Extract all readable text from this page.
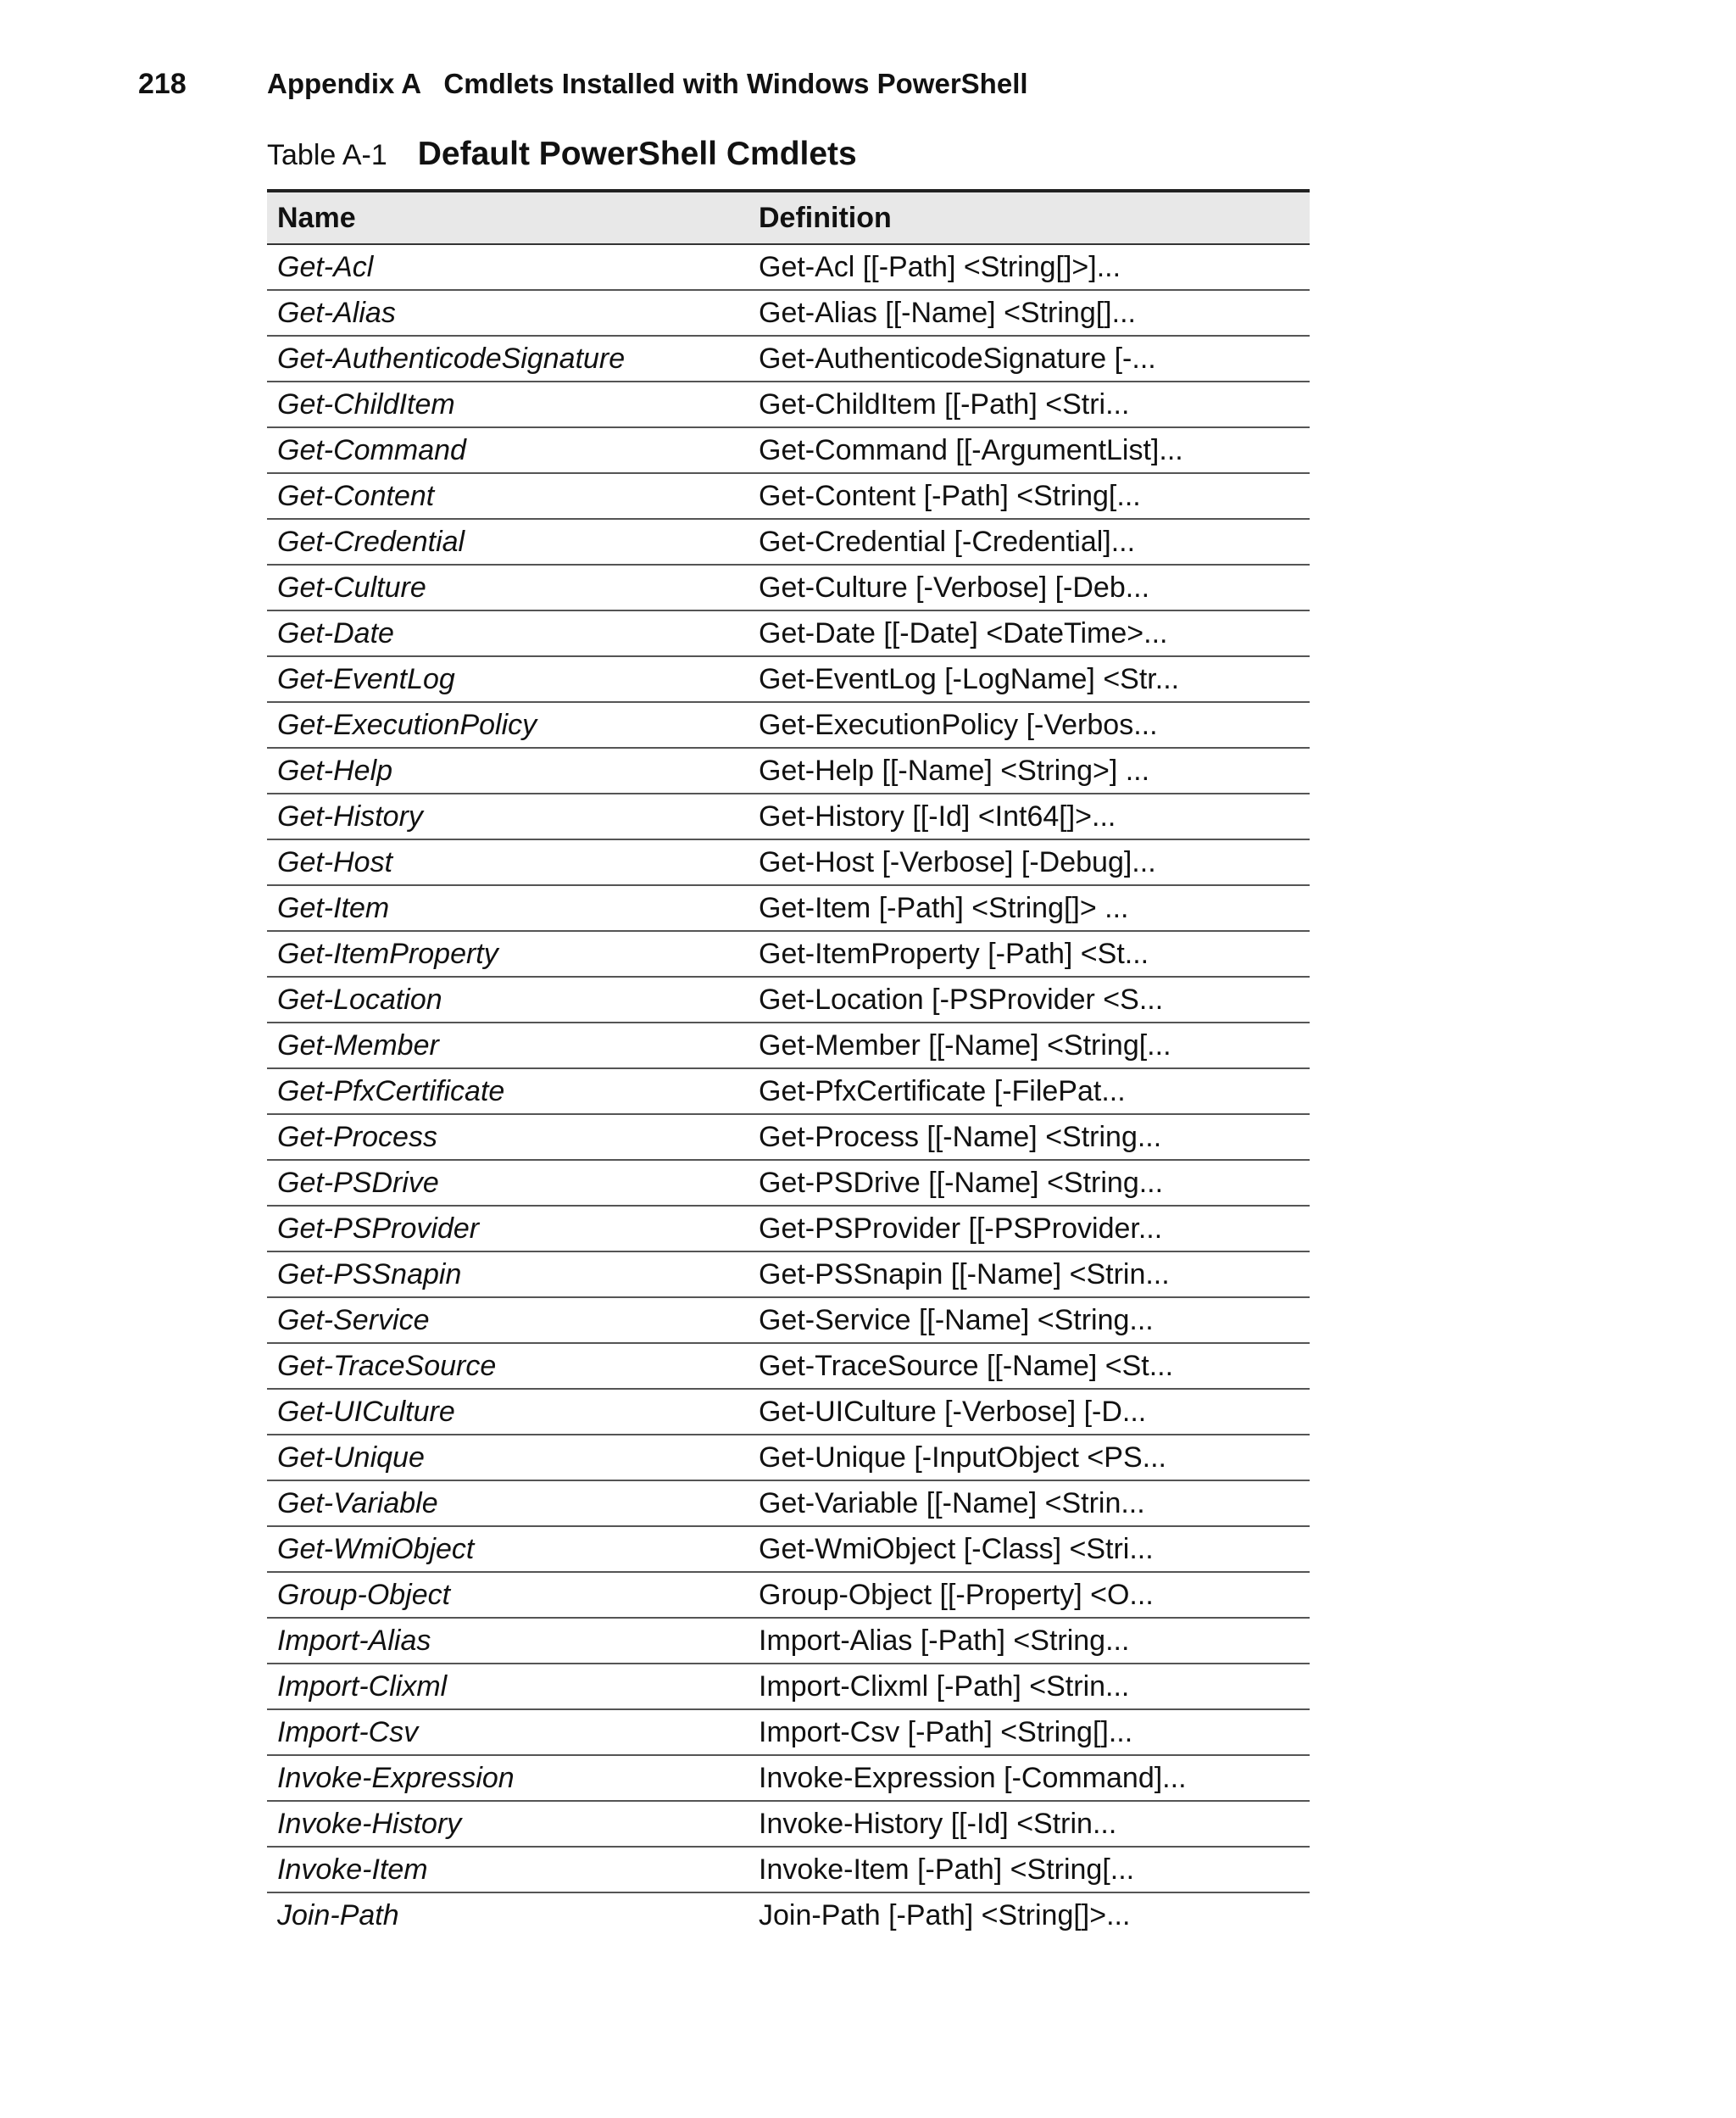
218	Appendix A   Cmdlets Installed with Windows PowerShell
Table A-1 Default PowerShell Cmdlets
Name	Definition
Get-Acl	Get-Acl [[-Path] <String[]>]...
Get-Alias	Get-Alias [[-Name] <String[]...
Get-AuthenticodeSignature	Get-AuthenticodeSignature [-...
Get-ChildItem	Get-ChildItem [[-Path] <Stri...
Get-Command	Get-Command [[-ArgumentList]...
Get-Content	Get-Content [-Path] <String[...
Get-Credential	Get-Credential [-Credential]...
Get-Culture	Get-Culture [-Verbose] [-Deb...
Get-Date	Get-Date [[-Date] <DateTime>...
Get-EventLog	Get-EventLog [-LogName] <Str...
Get-ExecutionPolicy	Get-ExecutionPolicy [-Verbos...
Get-Help	Get-Help [[-Name] <String>] ...
Get-History	Get-History [[-Id] <Int64[]>...
Get-Host	Get-Host [-Verbose] [-Debug]...
Get-Item	Get-Item [-Path] <String[]> ...
Get-ItemProperty	Get-ItemProperty [-Path] <St...
Get-Location	Get-Location [-PSProvider <S...
Get-Member	Get-Member [[-Name] <String[...
Get-PfxCertificate	Get-PfxCertificate [-FilePat...
Get-Process	Get-Process [[-Name] <String...
Get-PSDrive	Get-PSDrive [[-Name] <String...
Get-PSProvider	Get-PSProvider [[-PSProvider...
Get-PSSnapin	Get-PSSnapin [[-Name] <Strin...
Get-Service	Get-Service [[-Name] <String...
Get-TraceSource	Get-TraceSource [[-Name] <St...
Get-UICulture	Get-UICulture [-Verbose] [-D...
Get-Unique	Get-Unique [-InputObject <PS...
Get-Variable	Get-Variable [[-Name] <Strin...
Get-WmiObject	Get-WmiObject [-Class] <Stri...
Group-Object	Group-Object [[-Property] <O...
Import-Alias	Import-Alias [-Path] <String...
Import-Clixml	Import-Clixml [-Path] <Strin...
Import-Csv	Import-Csv [-Path] <String[]...
Invoke-Expression	Invoke-Expression [-Command]...
Invoke-History	Invoke-History [[-Id] <Strin...
Invoke-Item	Invoke-Item [-Path] <String[...
Join-Path	Join-Path [-Path] <String[]>...
